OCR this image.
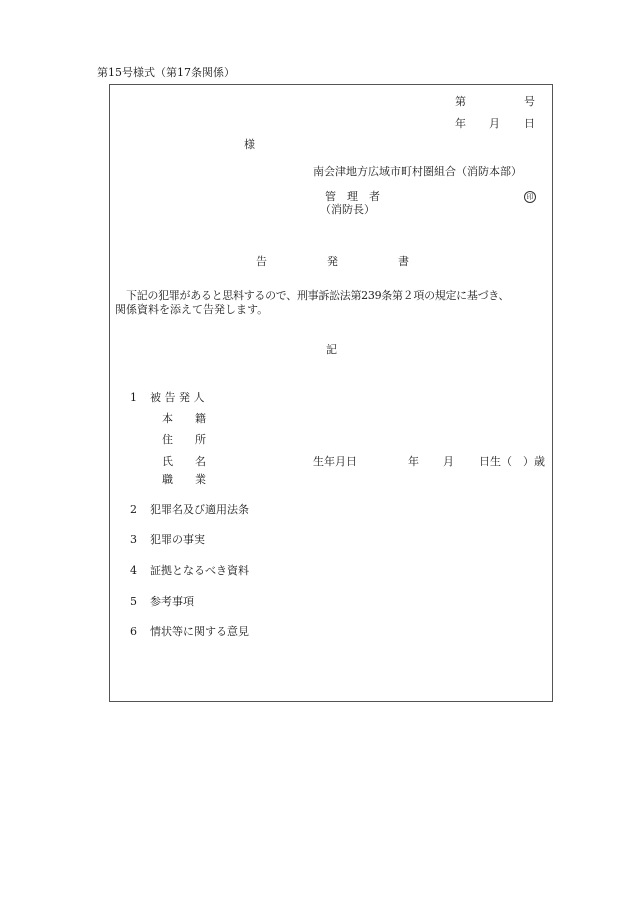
第15号様式（第17条関係）
第	号
年 月 日
様
南会津地方広域市町村圏組合（消防本部）
管　理　者	印
（消防長）
告	発	書
下記の犯罪があると思料するので、刑事訴訟法第239条第２項の規定に基づき、
関係資料を添えて告発します。
記
1 被 告 発 人
本　　籍
住　　所
氏　　名	生年月日	年 月 日生（　）歳
職　　業
2 犯罪名及び適用法条
3 犯罪の事実
4 証拠となるべき資料
5 参考事項
6 情状等に関する意見
